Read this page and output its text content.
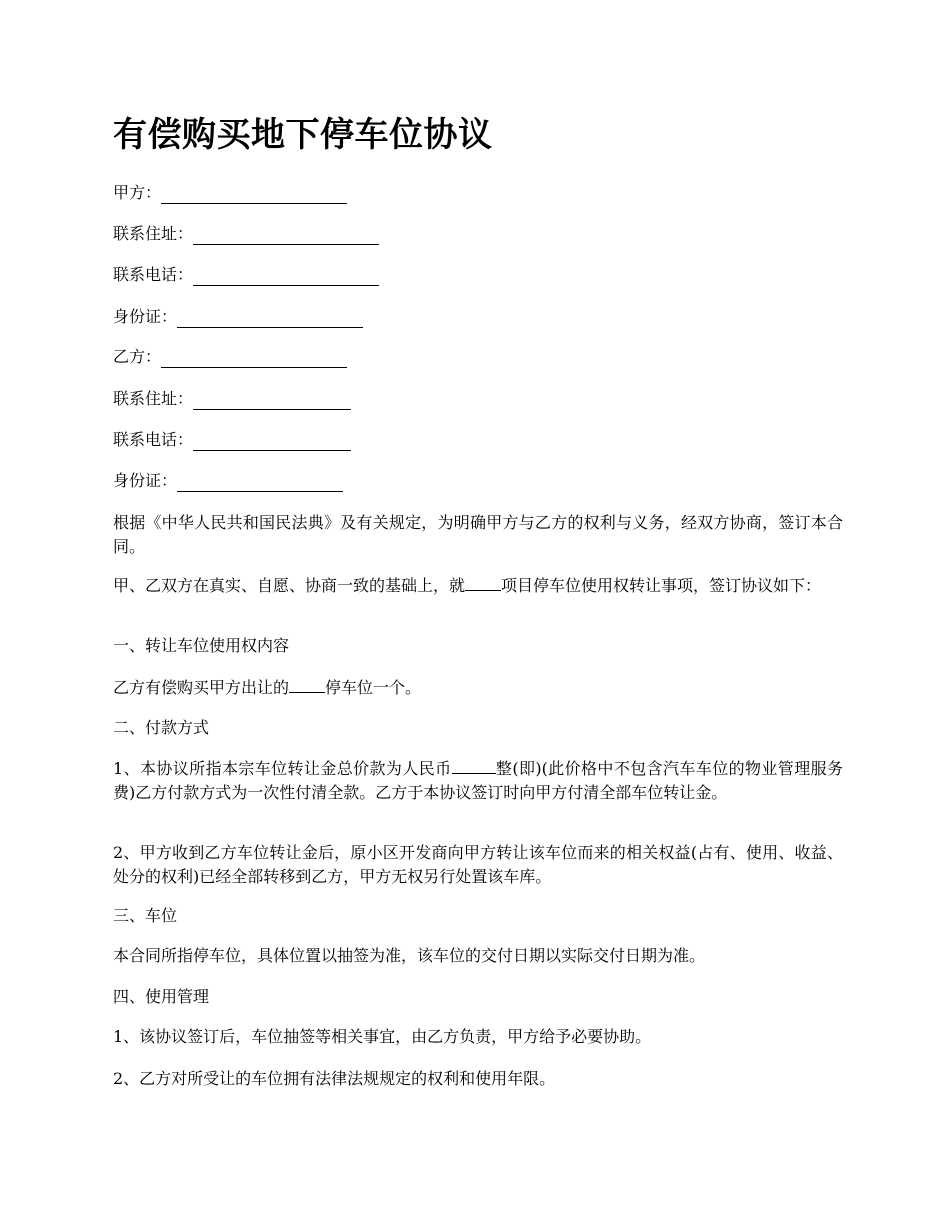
有偿购买地下停车位协议
甲方：
联系住址：
联系电话：
身份证：
乙方：
联系住址：
联系电话：
身份证：

根据《中华人民共和国民法典》及有关规定，为明确甲方与乙方的权利与义务，经双方协商，签订本合同。

甲、乙双方在真实、自愿、协商一致的基础上，就 项目停车位使用权转让事项，签订协议如下：

一、转让车位使用权内容

乙方有偿购买甲方出让的 停车位一个。

二、付款方式

1、本协议所指本宗车位转让金总价款为人民币	整(即)(此价格中不包含汽车车位的物业管理服务费)乙方付款方式为一次性付清全款。乙方于本协议签订时向甲方付清全部车位转让金。

2、甲方收到乙方车位转让金后，原小区开发商向甲方转让该车位而来的相关权益(占有、使用、收益、处分的权利)已经全部转移到乙方，甲方无权另行处置该车库。

三、车位

本合同所指停车位，具体位置以抽签为准，该车位的交付日期以实际交付日期为准。

四、使用管理

1、该协议签订后，车位抽签等相关事宜，由乙方负责，甲方给予必要协助。

2、乙方对所受让的车位拥有法律法规规定的权利和使用年限。
